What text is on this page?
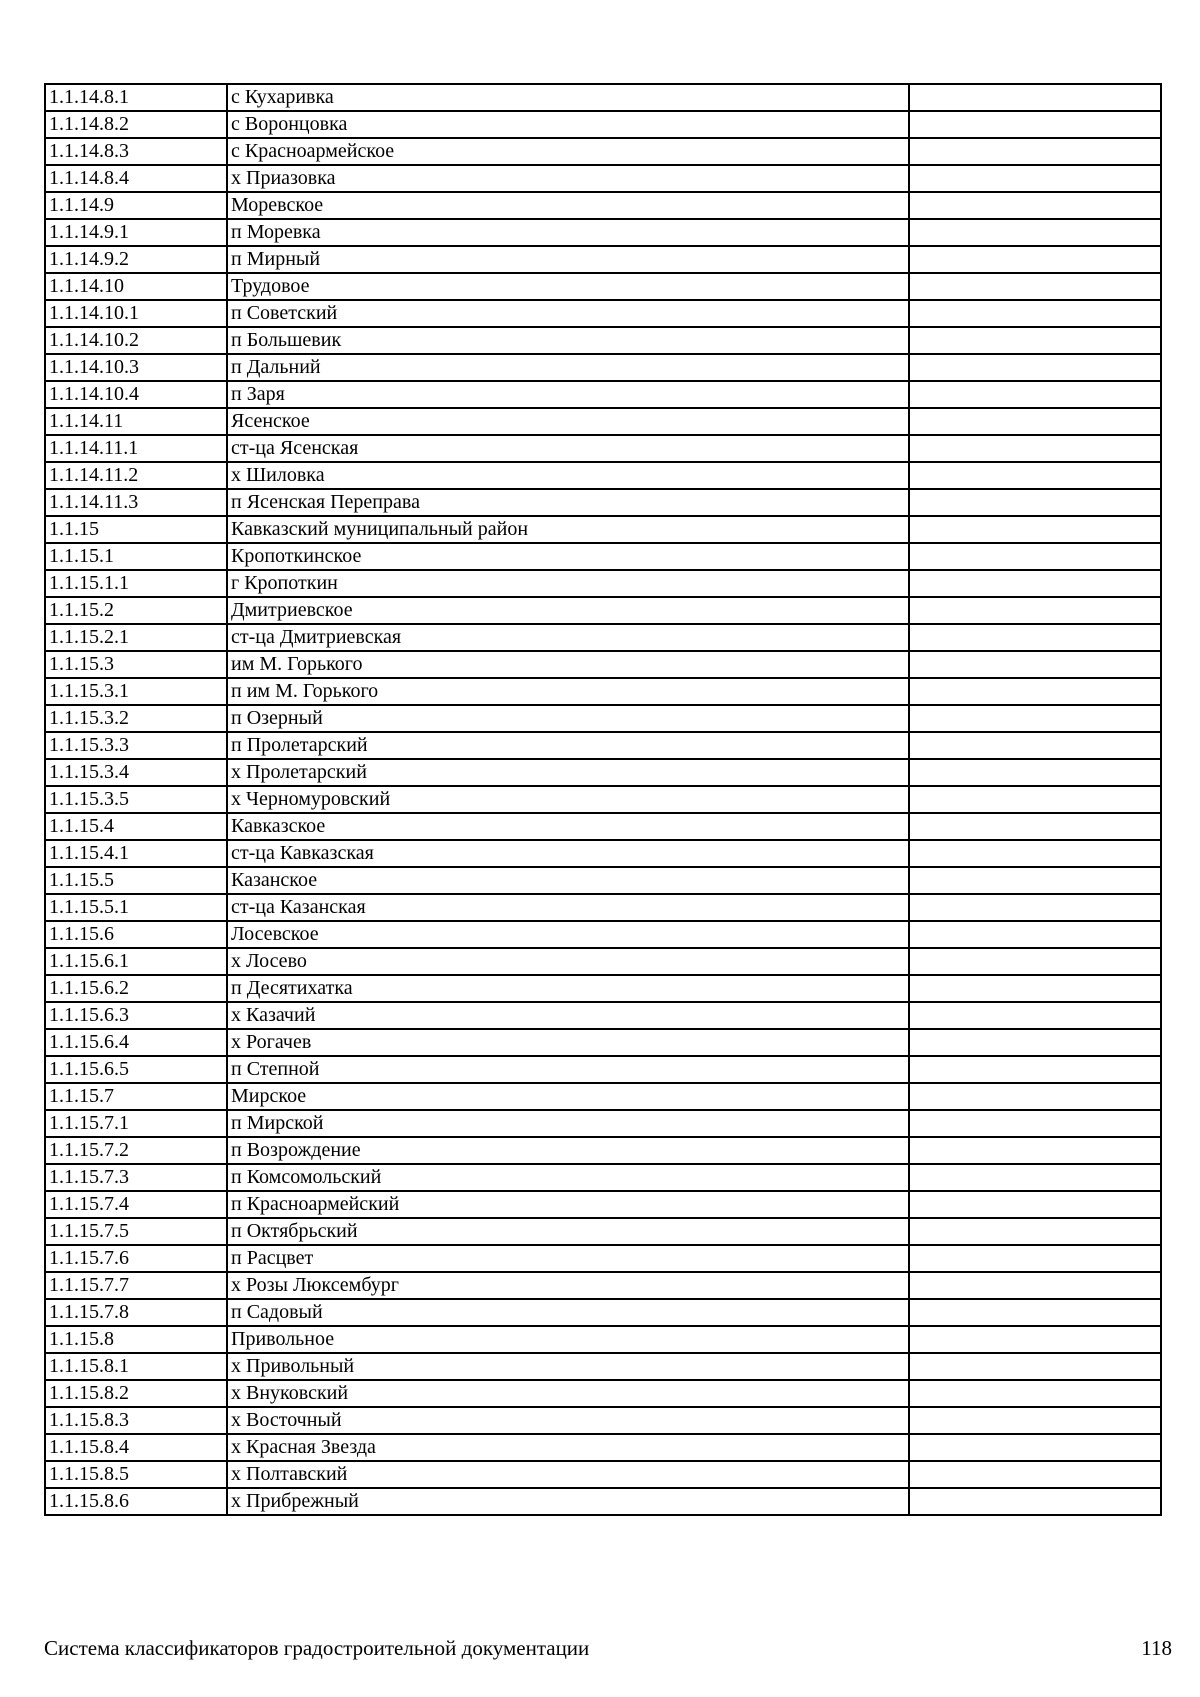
1.1.14.8.1	с Кухаривка	
1.1.14.8.2	с Воронцовка	
1.1.14.8.3	с Красноармейское	
1.1.14.8.4	х Приазовка	
1.1.14.9	Моревское	
1.1.14.9.1	п Моревка	
1.1.14.9.2	п Мирный	
1.1.14.10	Трудовое	
1.1.14.10.1	п Советский	
1.1.14.10.2	п Большевик	
1.1.14.10.3	п Дальний	
1.1.14.10.4	п Заря	
1.1.14.11	Ясенское	
1.1.14.11.1	ст-ца Ясенская	
1.1.14.11.2	х Шиловка	
1.1.14.11.3	п Ясенская Переправа	
1.1.15	Кавказский муниципальный район	
1.1.15.1	Кропоткинское	
1.1.15.1.1	г Кропоткин	
1.1.15.2	Дмитриевское	
1.1.15.2.1	ст-ца Дмитриевская	
1.1.15.3	им М. Горького	
1.1.15.3.1	п им М. Горького	
1.1.15.3.2	п Озерный	
1.1.15.3.3	п Пролетарский	
1.1.15.3.4	х Пролетарский	
1.1.15.3.5	х Черномуровский	
1.1.15.4	Кавказское	
1.1.15.4.1	ст-ца Кавказская	
1.1.15.5	Казанское	
1.1.15.5.1	ст-ца Казанская	
1.1.15.6	Лосевское	
1.1.15.6.1	х Лосево	
1.1.15.6.2	п Десятихатка	
1.1.15.6.3	х Казачий	
1.1.15.6.4	х Рогачев	
1.1.15.6.5	п Степной	
1.1.15.7	Мирское	
1.1.15.7.1	п Мирской	
1.1.15.7.2	п Возрождение	
1.1.15.7.3	п Комсомольский	
1.1.15.7.4	п Красноармейский	
1.1.15.7.5	п Октябрьский	
1.1.15.7.6	п Расцвет	
1.1.15.7.7	х Розы Люксембург	
1.1.15.7.8	п Садовый	
1.1.15.8	Привольное	
1.1.15.8.1	х Привольный	
1.1.15.8.2	х Внуковский	
1.1.15.8.3	х Восточный	
1.1.15.8.4	х Красная Звезда	
1.1.15.8.5	х Полтавский	
1.1.15.8.6	х Прибрежный	
Система классификаторов градостроительной документации	118
